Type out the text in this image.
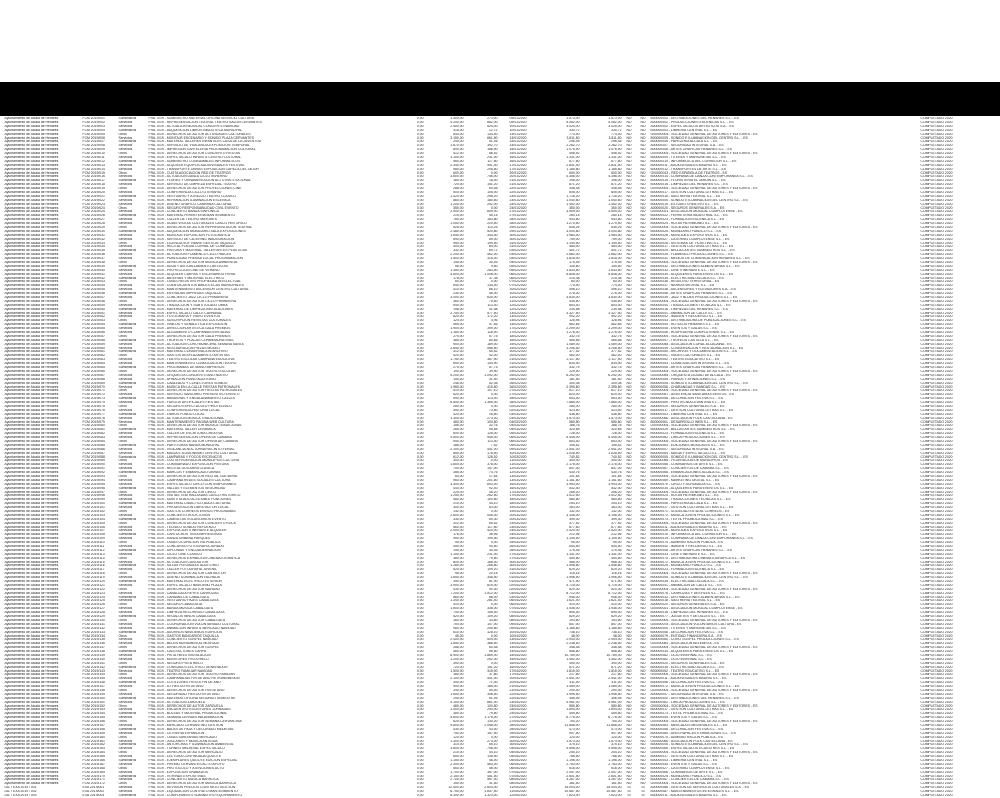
Ayuntamiento de Alcalá de Henares	FCM 2019/001	Suministros	FRA. 0/19 - SUMINISTRO MATERIAL OFICINA SERVICIO CULTURA	0,00	1.300,00	273,00	09/01/2020	1.573,00	1.573,00	NO	NO	B00000000 - DISTRIBUCIONES DEL HENARES S.L. - ES	COMPLETADO 2020
Ayuntamiento de Alcalá de Henares	FCM 2019/002	Servicios	FRA. 0/19 - REPRESENTACION TEATRAL TEATRO SALON CERVANTES	0,00	4.200,00	882,00	09/01/2020	5.082,00	5.082,00	NO	NO	B00000001 - PRODUCCIONES ESCENICAS S.L. - ES	COMPLETADO 2020
Ayuntamiento de Alcalá de Henares	FCM 2019/003	Servicios	FRA. 0/19 - ACTUACION MUSICAL CONCIERTO NAVIDAD	0,00	2.500,00	525,00	10/01/2020	3.025,00	3.025,00	NO	NO	A00000002 - ESPECTACULOS ARTISTICOS S.A. - ES	COMPLETADO 2020
Ayuntamiento de Alcalá de Henares	FCM 2019/004	Suministros	FRA. 0/19 - ADQUISICION LIBROS BIBLIOTECA MUNICIPAL	0,00	318,00	12,72	10/01/2020	330,72	330,72	NO	NO	B00000003 - LIBRERIA CENTRAL S.L. - ES	COMPLETADO 2020
Ayuntamiento de Alcalá de Henares	FCM 2019/005	Otros	FRA. 0/19 - DERECHOS DE AUTOR ACTIVIDADES CULTURALES	0,00	640,00	134,40	13/01/2020	774,40	774,40	NO	NO	G00000004 - SOCIEDAD GENERAL DE AUTORES Y EDITORES - ES	COMPLETADO 2020
Ayuntamiento de Alcalá de Henares	FCM 2019/006	Servicios	FRA. 0/19 - MONTAJE ESCENARIO Y SONIDO PLAZA CERVANTES	0,00	3.150,00	661,50	13/01/2020	3.811,50	3.811,50	NO	NO	B00000005 - SONIDO E ILUMINACION DEL CENTRO S.L. - ES	COMPLETADO 2020
Ayuntamiento de Alcalá de Henares	FCM 2019/007	Suministros	FRA. 0/19 - MATERIAL TALLERES INFANTILES CASA DE LA JUVENTUD	0,00	245,00	51,45	14/01/2020	296,45	296,45	NO	NO	B00000006 - PAPELERIA ALCALA S.L. - ES	COMPLETADO 2020
Ayuntamiento de Alcalá de Henares	FCM 2019/008	Servicios	FRA. 0/19 - SERVICIO DE VIGILANCIA EXPOSICION TEMPORAL	0,00	1.870,00	392,70	14/01/2020	2.262,70	2.262,70	NO	NO	A00000007 - SEGURIDAD INTEGRAL S.A. - ES	COMPLETADO 2020
Ayuntamiento de Alcalá de Henares	FCM 2019/009	Servicios	FRA. 0/19 - IMPRESION CARTELERIA PROGRAMACION CULTURAL	0,00	890,00	186,90	15/01/2020	1.076,90	1.076,90	NO	NO	B00000008 - ARTES GRAFICAS HENARES S.L. - ES	COMPLETADO 2020
Ayuntamiento de Alcalá de Henares	FCM 2019/010	Otros	FRA. 0/19 - DERECHOS DE AUTOR CONCIERTO FIESTAS	0,00	412,00	86,52	15/01/2020	498,52	498,52	NO	NO	G00000004 - SOCIEDAD GENERAL DE AUTORES Y EDITORES - ES	COMPLETADO 2020
Ayuntamiento de Alcalá de Henares	FCM 2019/011	Servicios	FRA. 0/19 - ESPECTACULO INFANTIL CENTRO CULTURAL	0,00	1.100,00	231,00	16/01/2020	1.331,00	1.331,00	NO	NO	B00000009 - TITERES Y MARIONETAS S.L. - ES	COMPLETADO 2020
Ayuntamiento de Alcalá de Henares	FCM 2019/012	Suministros	FRA. 0/19 - SUMINISTRO CONSUMIBLES INFORMATICOS	0,00	560,00	117,60	16/01/2020	677,60	677,60	NO	NO	B00000010 - INFORMATICA DEL CORREDOR S.L. - ES	COMPLETADO 2020
Ayuntamiento de Alcalá de Henares	FCM 2019/013	Servicios	FRA. 0/19 - ALQUILER EQUIPOS AUDIOVISUALES FESTIVAL	0,00	2.340,00	491,40	17/01/2020	2.831,40	2.831,40	NO	NO	B00000011 - AUDIOVISUALES MADRID S.L. - ES	COMPLETADO 2020
Ayuntamiento de Alcalá de Henares	FCM 2019/014	Servicios	FRA. 0/19 - TRANSPORTE OBRAS EXPOSICION CAPILLA DEL OIDOR	0,00	980,00	205,80	17/01/2020	1.185,80	1.185,80	NO	NO	B00000012 - TRANSPORTES DE ARTE S.L. - ES	COMPLETADO 2020
Ayuntamiento de Alcalá de Henares	FCM 2019/015	Otros	FRA. 0/19 - CUOTA ASOCIACION RED DE TEATROS	0,00	600,00	0,00	20/01/2020	600,00	600,00	NO	NO	G00000013 - RED ESPAÑOLA DE TEATROS - ES	COMPLETADO 2020
Ayuntamiento de Alcalá de Henares	FCM 2019/016	Servicios	FRA. 0/19 - ACTUACION DANZA CICLO INVIERNO	0,00	3.600,00	756,00	20/01/2020	4.356,00	4.356,00	NO	NO	B00000014 - COMPAÑIA DE DANZA CONTEMPORANEA S.L. - ES	COMPLETADO 2020
Ayuntamiento de Alcalá de Henares	FCM 2019/017	Suministros	FRA. 0/19 - FLORES Y ORNAMENTACION ACTO INSTITUCIONAL	0,00	180,00	18,00	21/01/2020	198,00	198,00	NO	NO	B00000015 - FLORISTERIA EL JARDIN S.L. - ES	COMPLETADO 2020
Ayuntamiento de Alcalá de Henares	FCM 2019/018	Servicios	FRA. 0/19 - SERVICIO DE LIMPIEZA ESPECIAL TEATRO	0,00	720,00	151,20	21/01/2020	871,20	871,20	NO	NO	B00000016 - LIMPIEZAS DEL HENARES S.L. - ES	COMPLETADO 2020
Ayuntamiento de Alcalá de Henares	FCM 2019/019	Otros	FRA. 0/19 - DERECHOS DE AUTOR PROYECCIONES CINE	0,00	288,00	60,48	22/01/2020	348,48	348,48	NO	NO	G00000004 - SOCIEDAD GENERAL DE AUTORES Y EDITORES - ES	COMPLETADO 2020
Ayuntamiento de Alcalá de Henares	FCM 2019/020	Servicios	FRA. 0/19 - CONFERENCIA CICLO LITERARIO	0,00	500,00	105,00	22/01/2020	605,00	605,00	NO	NO	B00000017 - GESTION CULTURAL LETRAS S.L. - ES	COMPLETADO 2020
Ayuntamiento de Alcalá de Henares	FCM 2019/021	Suministros	FRA. 0/19 - VESTUARIO Y ATREZZO TEATRO CLASICO	0,00	1.420,00	298,20	23/01/2020	1.718,20	1.718,20	NO	NO	B00000018 - SASTRERIA TEATRAL S.L. - ES	COMPLETADO 2020
Ayuntamiento de Alcalá de Henares	FCM 2019/022	Servicios	FRA. 0/19 - REPARACION ILUMINACION ESCENICA	0,00	860,00	180,60	23/01/2020	1.040,60	1.040,60	NO	NO	B00000005 - SONIDO E ILUMINACION DEL CENTRO S.L. - ES	COMPLETADO 2020
Ayuntamiento de Alcalá de Henares	FCM 2019/023	Servicios	FRA. 0/19 - DISEÑO GRAFICO CAMPAÑA CULTURAL	0,00	1.200,00	252,00	24/01/2020	1.452,00	1.452,00	NO	NO	B00000019 - ESTUDIO CREATIVO S.L. - ES	COMPLETADO 2020
Ayuntamiento de Alcalá de Henares	FCM 2019/024	Otros	FRA. 0/19 - SEGURO RESPONSABILIDAD CIVIL EVENTO	0,00	350,00	0,00	24/01/2020	350,00	350,00	NO	NO	A00000020 - SEGUROS GENERALES S.A. - ES	COMPLETADO 2020
Ayuntamiento de Alcalá de Henares	FCM 2019/025	Servicios	FRA. 0/19 - CONCIERTO BANDA SINFONICA	0,00	2.900,00	609,00	27/01/2020	3.509,00	3.509,00	NO	NO	G00000021 - ASOCIACION MUSICAL COMPLUTENSE - ES	COMPLETADO 2020
Ayuntamiento de Alcalá de Henares	FCM 2019/026	Suministros	FRA. 0/19 - MATERIAL FERRETERIA MANTENIMIENTO	0,00	215,00	45,15	27/01/2020	260,15	260,15	NO	NO	B00000022 - FERRETERIA INDUSTRIAL S.L. - ES	COMPLETADO 2020
Ayuntamiento de Alcalá de Henares	FCM 2019/027	Servicios	FRA. 0/19 - TALLER DE TEATRO MAYORES	0,00	780,00	163,80	28/01/2020	943,80	943,80	NO	NO	B00000023 - FORMACION ESCENICA S.L. - ES	COMPLETADO 2020
Ayuntamiento de Alcalá de Henares	FCM 2019/028	Servicios	FRA. 0/19 - GUIAS VISITAS CULTURALES CASCO HISTORICO	0,00	1.050,00	220,50	28/01/2020	1.270,50	1.270,50	NO	NO	B00000024 - RUTAS PATRIMONIO S.L. - ES	COMPLETADO 2020
Ayuntamiento de Alcalá de Henares	FCM 2019/029	Otros	FRA. 0/19 - DERECHOS DE AUTOR REPRESENTACION TEATRAL	0,00	525,00	110,25	29/01/2020	635,25	635,25	NO	NO	G00000004 - SOCIEDAD GENERAL DE AUTORES Y EDITORES - ES	COMPLETADO 2020
Ayuntamiento de Alcalá de Henares	FCM 2019/030	Suministros	FRA. 0/19 - ADQUISICION MOBILIARIO SALA EXPOSICIONES	0,00	2.480,00	520,80	29/01/2020	3.000,80	3.000,80	NO	NO	B00000025 - MOBILIARIO PUBLICO S.L. - ES	COMPLETADO 2020
Ayuntamiento de Alcalá de Henares	FCM 2019/031	Servicios	FRA. 0/19 - MONTAJE EXPOSICION FOTOGRAFICA	0,00	1.640,00	344,40	30/01/2020	1.984,40	1.984,40	NO	NO	B00000026 - MONTAJES EXPOSITIVOS S.L. - ES	COMPLETADO 2020
Ayuntamiento de Alcalá de Henares	FCM 2019/032	Servicios	FRA. 0/19 - SERVICIO DE CATERING INAUGURACION	0,00	690,00	69,00	30/01/2020	759,00	759,00	NO	NO	B00000027 - CATERING COMPLUTENSE S.L. - ES	COMPLETADO 2020
Ayuntamiento de Alcalá de Henares	FCM 2019/033	Otros	FRA. 0/19 - LICENCIA SOFTWARE GESTION TAQUILLA	0,00	950,00	199,50	31/01/2020	1.149,50	1.149,50	NO	NO	B00000028 - SISTEMAS DE TICKETING S.L. - ES	COMPLETADO 2020
Ayuntamiento de Alcalá de Henares	FCM 2019/034	Servicios	FRA. 0/19 - RECITAL POESIA CORRAL DE COMEDIAS	0,00	400,00	84,00	31/01/2020	484,00	484,00	NO	NO	B00000017 - GESTION CULTURAL LETRAS S.L. - ES	COMPLETADO 2020
Ayuntamiento de Alcalá de Henares	FCM 2019/035	Suministros	FRA. 0/19 - PINTURA Y MATERIAL TALLER ARTES PLASTICAS	0,00	332,00	69,72	03/02/2020	401,72	401,72	NO	NO	B00000029 - BELLAS ARTES SUMINISTROS S.L. - ES	COMPLETADO 2020
Ayuntamiento de Alcalá de Henares	FCM 2019/036	Servicios	FRA. 0/19 - ACTUACION FLAMENCO CICLO RAICES	0,00	2.200,00	462,00	03/02/2020	2.662,00	2.662,00	NO	NO	B00000030 - FLAMENCO PRODUCCIONES S.L. - ES	COMPLETADO 2020
Ayuntamiento de Alcalá de Henares	FCM 2019/037	Servicios	FRA. 0/19 - PUBLICIDAD PRENSA LOCAL PROGRAMACION	0,00	1.500,00	315,00	04/02/2020	1.815,00	1.815,00	NO	NO	B00000031 - MEDIOS DE COMUNICACION HENARES S.L. - ES	COMPLETADO 2020
Ayuntamiento de Alcalá de Henares	FCM 2019/038	Otros	FRA. 0/19 - DERECHOS DE AUTOR MUSICA AMBIENTAL	0,00	145,00	30,45	04/02/2020	175,45	175,45	NO	NO	G00000004 - SOCIEDAD GENERAL DE AUTORES Y EDITORES - ES	COMPLETADO 2020
Ayuntamiento de Alcalá de Henares	FCM 2019/039	Suministros	FRA. 0/19 - AGUA Y AVITUALLAMIENTO ARTISTAS	0,00	96,00	9,60	05/02/2020	105,60	105,60	NO	NO	B00000032 - DISTRIBUCIONES ALIMENTARIAS S.L. - ES	COMPLETADO 2020
Ayuntamiento de Alcalá de Henares	FCM 2019/040	Servicios	FRA. 0/19 - PROYECCION CINE DE VERANO	0,00	1.350,00	283,50	05/02/2020	1.633,50	1.633,50	NO	NO	B00000033 - CINE ITINERANTE S.L. - ES	COMPLETADO 2020
Ayuntamiento de Alcalá de Henares	FCM 2019/041	Servicios	FRA. 0/19 - ALQUILER CARPAS Y ESCENARIOS FERIA	0,00	4.800,00	1.008,00	06/02/2020	5.808,00	5.808,00	NO	NO	B00000034 - ALQUILERES PARA EVENTOS S.L. - ES	COMPLETADO 2020
Ayuntamiento de Alcalá de Henares	FCM 2019/042	Suministros	FRA. 0/19 - BATERIAS Y MATERIAL ELECTRICO	0,00	178,00	37,38	06/02/2020	215,38	215,38	NO	NO	B00000035 - ELECTRICIDAD ALCALA S.L. - ES	COMPLETADO 2020
Ayuntamiento de Alcalá de Henares	FCM 2019/043	Otros	FRA. 0/19 - TASAS REGISTRO PROPIEDAD INTELECTUAL	0,00	60,00	0,00	07/02/2020	60,00	60,00	NO	NO	S00000036 - REGISTRO TERRITORIAL - ES	COMPLETADO 2020
Ayuntamiento de Alcalá de Henares	FCM 2019/044	Servicios	FRA. 0/19 - CUENTACUENTOS BIBLIOTECAS MUNICIPALES	0,00	640,00	134,40	07/02/2020	774,40	774,40	NO	NO	B00000037 - NARRATIVA ORAL S.L. - ES	COMPLETADO 2020
Ayuntamiento de Alcalá de Henares	FCM 2019/045	Servicios	FRA. 0/19 - MANTENIMIENTO ASCENSOR CENTRO CULTURAL	0,00	410,00	86,10	10/02/2020	496,10	496,10	NO	NO	A00000038 - ASCENSORES Y ELEVADORES S.A. - ES	COMPLETADO 2020
Ayuntamiento de Alcalá de Henares	FCM 2019/046	Suministros	FRA. 0/19 - ENTRADAS IMPRESAS TAQUILLA	0,00	230,00	48,30	10/02/2020	278,30	278,30	NO	NO	B00000008 - ARTES GRAFICAS HENARES S.L. - ES	COMPLETADO 2020
Ayuntamiento de Alcalá de Henares	FCM 2019/047	Servicios	FRA. 0/19 - CONCIERTO JAZZ CICLO PRIMAVERA	0,00	3.000,00	630,00	11/02/2020	3.630,00	3.630,00	NO	NO	B00000039 - JAZZ Y BLUES PRODUCCIONES S.L. - ES	COMPLETADO 2020
Ayuntamiento de Alcalá de Henares	FCM 2019/048	Otros	FRA. 0/19 - DERECHOS DE AUTOR CICLO PRIMAVERA	0,00	360,00	75,60	11/02/2020	435,60	435,60	NO	NO	G00000004 - SOCIEDAD GENERAL DE AUTORES Y EDITORES - ES	COMPLETADO 2020
Ayuntamiento de Alcalá de Henares	FCM 2019/049	Servicios	FRA. 0/19 - TRADUCCION Y SUBTITULADO OBRA	0,00	540,00	113,40	12/02/2020	653,40	653,40	NO	NO	B00000040 - TRADUCCIONES TECNICAS S.L. - ES	COMPLETADO 2020
Ayuntamiento de Alcalá de Henares	FCM 2019/050	Suministros	FRA. 0/19 - MATERIAL DE LIMPIEZA INSTALACIONES	0,00	198,00	41,58	12/02/2020	239,58	239,58	NO	NO	B00000016 - LIMPIEZAS DEL HENARES S.L. - ES	COMPLETADO 2020
Ayuntamiento de Alcalá de Henares	FCM 2019/051	Servicios	FRA. 0/19 - ESPECTACULO CALLE CARNAVAL	0,00	2.750,00	577,50	13/02/2020	3.327,50	3.327,50	NO	NO	B00000041 - ANIMACION DE CALLE S.L. - ES	COMPLETADO 2020
Ayuntamiento de Alcalá de Henares	FCM 2019/052	Servicios	FRA. 0/19 - FOTOGRAFIA Y VIDEO EVENTOS	0,00	820,00	172,20	13/02/2020	992,20	992,20	NO	NO	B00000042 - IMAGEN Y RECUERDO S.L. - ES	COMPLETADO 2020
Ayuntamiento de Alcalá de Henares	FCM 2019/053	Otros	FRA. 0/19 - SUSCRIPCION REVISTAS CULTURALES	0,00	124,00	4,96	14/02/2020	128,96	128,96	NO	NO	B00000043 - DISTRIBUIDORA DE PUBLICACIONES S.L. - ES	COMPLETADO 2020
Ayuntamiento de Alcalá de Henares	FCM 2019/054	Suministros	FRA. 0/19 - VINILOS Y SEÑALETICA EXPOSICION	0,00	465,00	97,65	14/02/2020	562,65	562,65	NO	NO	B00000044 - ROTULOS HENARES S.L. - ES	COMPLETADO 2020
Ayuntamiento de Alcalá de Henares	FCM 2019/055	Servicios	FRA. 0/19 - DIRECCION ARTISTICA GALA PREMIOS	0,00	1.900,00	399,00	17/02/2020	2.299,00	2.299,00	NO	NO	B00000045 - EVENTOS Y GALAS S.L. - ES	COMPLETADO 2020
Ayuntamiento de Alcalá de Henares	FCM 2019/056	Servicios	FRA. 0/19 - ALOJAMIENTO COMPAÑIAS INVITADAS	0,00	1.160,00	116,00	17/02/2020	1.276,00	1.276,00	NO	NO	B00000046 - HOSPEDERIA COMPLUTENSE S.L. - ES	COMPLETADO 2020
Ayuntamiento de Alcalá de Henares	FCM 2019/057	Otros	FRA. 0/19 - DERECHOS DE AUTOR GALA PREMIOS	0,00	275,00	57,75	18/02/2020	332,75	332,75	NO	NO	G00000004 - SOCIEDAD GENERAL DE AUTORES Y EDITORES - ES	COMPLETADO 2020
Ayuntamiento de Alcalá de Henares	FCM 2019/058	Suministros	FRA. 0/19 - TROFEOS Y PLACAS CONMEMORATIVAS	0,00	385,00	80,85	18/02/2020	465,85	465,85	NO	NO	B00000047 - TROFEOS CASTILLA S.L. - ES	COMPLETADO 2020
Ayuntamiento de Alcalá de Henares	FCM 2019/059	Servicios	FRA. 0/19 - ACTUACION CORO MUNICIPAL SEMANA SANTA	0,00	900,00	189,00	19/02/2020	1.089,00	1.089,00	NO	NO	G00000048 - ASOCIACION CORAL ALCALAINA - ES	COMPLETADO 2020
Ayuntamiento de Alcalá de Henares	FCM 2019/060	Servicios	FRA. 0/19 - RESTAURACION PIEZAS MUSEO	0,00	2.650,00	556,50	19/02/2020	3.206,50	3.206,50	NO	NO	B00000049 - CONSERVACION Y RESTAURACION S.L. - ES	COMPLETADO 2020
Ayuntamiento de Alcalá de Henares	FCM 2019/061	Suministros	FRA. 0/19 - MATERIAL CONSERVACION ARCHIVO	0,00	312,00	65,52	20/02/2020	377,52	377,52	NO	NO	B00000050 - ARCHIVOS Y DOCUMENTACION S.L. - ES	COMPLETADO 2020
Ayuntamiento de Alcalá de Henares	FCM 2019/062	Otros	FRA. 0/19 - GASTOS DESPLAZAMIENTO ARTISTAS	0,00	420,00	42,00	20/02/2020	462,00	462,00	NO	NO	B00000051 - VIAJES CULTURALES S.L. - ES	COMPLETADO 2020
Ayuntamiento de Alcalá de Henares	FCM 2019/063	Servicios	FRA. 0/19 - TEATRO ESCOLAR CAMPAÑA EDUCATIVA	0,00	1.750,00	367,50	21/02/2020	2.117,50	2.117,50	NO	NO	B00000052 - TEATRO EDUCATIVO S.L. - ES	COMPLETADO 2020
Ayuntamiento de Alcalá de Henares	FCM 2019/064	Servicios	FRA. 0/19 - MANTENIMIENTO CLIMATIZACION TEATRO	0,00	690,00	144,90	21/02/2020	834,90	834,90	NO	NO	B00000053 - CLIMATIZACION INTEGRAL S.L. - ES	COMPLETADO 2020
Ayuntamiento de Alcalá de Henares	FCM 2019/065	Suministros	FRA. 0/19 - PROGRAMAS DE MANO IMPRESOS	0,00	275,00	57,75	24/02/2020	332,75	332,75	NO	NO	B00000008 - ARTES GRAFICAS HENARES S.L. - ES	COMPLETADO 2020
Ayuntamiento de Alcalá de Henares	FCM 2019/066	Otros	FRA. 0/19 - DERECHOS DE AUTOR TEATRO ESCOLAR	0,00	190,00	39,90	24/02/2020	229,90	229,90	NO	NO	G00000004 - SOCIEDAD GENERAL DE AUTORES Y EDITORES - ES	COMPLETADO 2020
Ayuntamiento de Alcalá de Henares	FCM 2019/067	Servicios	FRA. 0/19 - ORQUESTA CONCIERTO AÑO NUEVO	0,00	5.200,00	1.092,00	25/02/2020	6.292,00	6.292,00	NO	NO	G00000054 - ORQUESTA CIUDAD DE ALCALA - ES	COMPLETADO 2020
Ayuntamiento de Alcalá de Henares	FCM 2019/068	Servicios	FRA. 0/19 - AFINACION PIANO AUDITORIO	0,00	150,00	31,50	25/02/2020	181,50	181,50	NO	NO	B00000055 - PIANOS Y AFINACIONES S.L. - ES	COMPLETADO 2020
Ayuntamiento de Alcalá de Henares	FCM 2019/069	Suministros	FRA. 0/19 - CABLEADO Y CONECTORES SONIDO	0,00	248,00	52,08	26/02/2020	300,08	300,08	NO	NO	B00000005 - SONIDO E ILUMINACION DEL CENTRO S.L. - ES	COMPLETADO 2020
Ayuntamiento de Alcalá de Henares	FCM 2019/070	Servicios	FRA. 0/19 - MUSICA EN LA CALLE FIESTAS PATRONALES	0,00	1.980,00	415,80	26/02/2020	2.395,80	2.395,80	NO	NO	B00000056 - CHARANGAS Y BANDAS S.L. - ES	COMPLETADO 2020
Ayuntamiento de Alcalá de Henares	FCM 2019/071	Otros	FRA. 0/19 - DERECHOS DE AUTOR FIESTAS PATRONALES	0,00	510,00	107,10	27/02/2020	617,10	617,10	NO	NO	G00000004 - SOCIEDAD GENERAL DE AUTORES Y EDITORES - ES	COMPLETADO 2020
Ayuntamiento de Alcalá de Henares	FCM 2019/072	Servicios	FRA. 0/19 - SERVICIO SANITARIO PREVENTIVO EVENTO	0,00	620,00	0,00	27/02/2020	620,00	620,00	NO	NO	G00000057 - ASISTENCIA SANITARIA EVENTOS - ES	COMPLETADO 2020
Ayuntamiento de Alcalá de Henares	FCM 2019/073	Suministros	FRA. 0/19 - BANDERAS Y ENGALANAMIENTO CALLES	0,00	540,00	113,40	28/02/2020	653,40	653,40	NO	NO	B00000058 - DECORACION FESTIVA S.L. - ES	COMPLETADO 2020
Ayuntamiento de Alcalá de Henares	FCM 2019/074	Servicios	FRA. 0/19 - FUEGOS ARTIFICIALES FIESTAS	0,00	6.500,00	1.365,00	28/02/2020	7.865,00	7.865,00	NO	NO	B00000059 - PIROTECNIA LEVANTINA S.L. - ES	COMPLETADO 2020
Ayuntamiento de Alcalá de Henares	FCM 2019/075	Otros	FRA. 0/19 - SEGURO ESPECTACULO PIROTECNICO	0,00	280,00	0,00	02/03/2020	280,00	280,00	NO	NO	A00000020 - SEGUROS GENERALES S.A. - ES	COMPLETADO 2020
Ayuntamiento de Alcalá de Henares	FCM 2019/076	Servicios	FRA. 0/19 - CONFERENCIA HISTORIA LOCAL	0,00	350,00	73,50	02/03/2020	423,50	423,50	NO	NO	B00000017 - GESTION CULTURAL LETRAS S.L. - ES	COMPLETADO 2020
Ayuntamiento de Alcalá de Henares	FCM 2019/077	Suministros	FRA. 0/19 - LIBROS FONDO LOCAL	0,00	420,00	16,80	03/03/2020	436,80	436,80	NO	NO	B00000003 - LIBRERIA CENTRAL S.L. - ES	COMPLETADO 2020
Ayuntamiento de Alcalá de Henares	FCM 2019/078	Servicios	FRA. 0/19 - ACTUACION MUSICA TRADICIONAL	0,00	1.300,00	273,00	03/03/2020	1.573,00	1.573,00	NO	NO	G00000060 - ASOCIACION FOLK CASTELLANA - ES	COMPLETADO 2020
Ayuntamiento de Alcalá de Henares	FCM 2019/079	Servicios	FRA. 0/19 - MANTENIMIENTO PAGINA WEB CULTURA	0,00	480,00	100,80	04/03/2020	580,80	580,80	NO	NO	B00000061 - DESARROLLO WEB S.L. - ES	COMPLETADO 2020
Ayuntamiento de Alcalá de Henares	FCM 2019/080	Otros	FRA. 0/19 - DERECHOS DE AUTOR MUSICA TRADICIONAL	0,00	156,00	32,76	04/03/2020	188,76	188,76	NO	NO	G00000004 - SOCIEDAD GENERAL DE AUTORES Y EDITORES - ES	COMPLETADO 2020
Ayuntamiento de Alcalá de Henares	FCM 2019/081	Suministros	FRA. 0/19 - MATERIAL TALLER CERAMICA	0,00	265,00	55,65	05/03/2020	320,65	320,65	NO	NO	B00000029 - BELLAS ARTES SUMINISTROS S.L. - ES	COMPLETADO 2020
Ayuntamiento de Alcalá de Henares	FCM 2019/082	Servicios	FRA. 0/19 - TALLER DE ESCRITURA CREATIVA	0,00	600,00	126,00	05/03/2020	726,00	726,00	NO	NO	B00000023 - FORMACION ESCENICA S.L. - ES	COMPLETADO 2020
Ayuntamiento de Alcalá de Henares	FCM 2019/083	Servicios	FRA. 0/19 - REPRESENTACION OPERA DE CAMARA	0,00	4.500,00	945,00	06/03/2020	5.445,00	5.445,00	NO	NO	B00000062 - LIRICA PRODUCCIONES S.L. - ES	COMPLETADO 2020
Ayuntamiento de Alcalá de Henares	FCM 2019/084	Otros	FRA. 0/19 - DERECHOS DE AUTOR OPERA DE CAMARA	0,00	540,00	113,40	06/03/2020	653,40	653,40	NO	NO	G00000004 - SOCIEDAD GENERAL DE AUTORES Y EDITORES - ES	COMPLETADO 2020
Ayuntamiento de Alcalá de Henares	FCM 2019/085	Suministros	FRA. 0/19 - PARTITURAS BANDA MUNICIPAL	0,00	188,00	7,52	09/03/2020	195,52	195,52	NO	NO	B00000063 - EDICIONES MUSICALES S.L. - ES	COMPLETADO 2020
Ayuntamiento de Alcalá de Henares	FCM 2019/086	Servicios	FRA. 0/19 - VIGILANCIA NOCTURNA RECINTO FERIAL	0,00	2.100,00	441,00	09/03/2020	2.541,00	2.541,00	NO	NO	A00000007 - SEGURIDAD INTEGRAL S.A. - ES	COMPLETADO 2020
Ayuntamiento de Alcalá de Henares	FCM 2019/087	Servicios	FRA. 0/19 - MAGIA E ILUSIONISMO CENTRO CULTURAL	0,00	850,00	178,50	10/03/2020	1.028,50	1.028,50	NO	NO	B00000064 - MAGIA Y ESPECTACULO S.L. - ES	COMPLETADO 2020
Ayuntamiento de Alcalá de Henares	FCM 2019/088	Suministros	FRA. 0/19 - LAMPARAS Y FOCOS ESCENICOS	0,00	612,00	128,52	10/03/2020	740,52	740,52	NO	NO	B00000005 - SONIDO E ILUMINACION DEL CENTRO S.L. - ES	COMPLETADO 2020
Ayuntamiento de Alcalá de Henares	FCM 2019/089	Otros	FRA. 0/19 - CUOTA FEDERACION MUNICIPIOS CULTURA	0,00	300,00	0,00	11/03/2020	300,00	300,00	NO	NO	G00000065 - FEDERACION DE MUNICIPIOS - ES	COMPLETADO 2020
Ayuntamiento de Alcalá de Henares	FCM 2019/090	Servicios	FRA. 0/19 - COMISARIADO EXPOSICION PINTURA	0,00	1.800,00	378,00	11/03/2020	2.178,00	2.178,00	NO	NO	B00000066 - COMISARIOS DE ARTE S.L. - ES	COMPLETADO 2020
Ayuntamiento de Alcalá de Henares	FCM 2019/091	Servicios	FRA. 0/19 - RECITAL GUITARRA CLASICA	0,00	700,00	147,00	12/03/2020	847,00	847,00	NO	NO	B00000067 - CONCIERTOS DE CAMARA S.L. - ES	COMPLETADO 2020
Ayuntamiento de Alcalá de Henares	FCM 2019/092	Suministros	FRA. 0/19 - MARCOS Y ENMARCADO OBRAS	0,00	356,00	74,76	12/03/2020	430,76	430,76	NO	NO	B00000068 - ENMARCACIONES ALCALA S.L. - ES	COMPLETADO 2020
Ayuntamiento de Alcalá de Henares	FCM 2019/093	Otros	FRA. 0/19 - DERECHOS DE AUTOR RECITAL GUITARRA	0,00	84,00	17,64	13/03/2020	101,64	101,64	NO	NO	G00000004 - SOCIEDAD GENERAL DE AUTORES Y EDITORES - ES	COMPLETADO 2020
Ayuntamiento de Alcalá de Henares	FCM 2019/094	Servicios	FRA. 0/19 - CAMPAÑA REDES SOCIALES CULTURA	0,00	960,00	201,60	13/03/2020	1.161,60	1.161,60	NO	NO	B00000069 - MARKETING DIGITAL S.L. - ES	COMPLETADO 2020
Ayuntamiento de Alcalá de Henares	FCM 2019/095	Servicios	FRA. 0/19 - ESPECTACULO CIRCO CONTEMPORANEO	0,00	3.300,00	693,00	16/03/2020	3.993,00	3.993,00	NO	NO	B00000070 - CIRCO Y ACROBACIA S.L. - ES	COMPLETADO 2020
Ayuntamiento de Alcalá de Henares	FCM 2019/096	Suministros	FRA. 0/19 - VALLAS Y ELEMENTOS SEGURIDAD	0,00	440,00	92,40	16/03/2020	532,40	532,40	NO	NO	B00000034 - ALQUILERES PARA EVENTOS S.L. - ES	COMPLETADO 2020
Ayuntamiento de Alcalá de Henares	FCM 2019/097	Otros	FRA. 0/19 - DERECHOS DE AUTOR CIRCO	0,00	220,00	46,20	17/03/2020	266,20	266,20	NO	NO	G00000004 - SOCIEDAD GENERAL DE AUTORES Y EDITORES - ES	COMPLETADO 2020
Ayuntamiento de Alcalá de Henares	FCM 2019/098	Servicios	FRA. 0/19 - VISITAS TEATRALIZADAS CASCO HISTORICO	0,00	1.250,00	262,50	17/03/2020	1.512,50	1.512,50	NO	NO	B00000024 - RUTAS PATRIMONIO S.L. - ES	COMPLETADO 2020
Ayuntamiento de Alcalá de Henares	FCM 2019/099	Servicios	FRA. 0/19 - SUBTITULADO ACCESIBLE FUNCIONES	0,00	480,00	100,80	18/03/2020	580,80	580,80	NO	NO	B00000040 - TRADUCCIONES TECNICAS S.L. - ES	COMPLETADO 2020
Ayuntamiento de Alcalá de Henares	FCM 2019/100	Suministros	FRA. 0/19 - MATERIAL DIDACTICO AULA CULTURAL	0,00	210,00	44,10	18/03/2020	254,10	254,10	NO	NO	B00000006 - PAPELERIA ALCALA S.L. - ES	COMPLETADO 2020
Ayuntamiento de Alcalá de Henares	FCM 2019/101	Servicios	FRA. 0/19 - PRESENTACION LIBRO AUTOR LOCAL	0,00	300,00	63,00	19/03/2020	363,00	363,00	NO	NO	B00000017 - GESTION CULTURAL LETRAS S.L. - ES	COMPLETADO 2020
Ayuntamiento de Alcalá de Henares	FCM 2019/102	Otros	FRA. 0/19 - GASTOS CORREOS ENVIOS PROGRAMAS	0,00	132,00	0,00	19/03/2020	132,00	132,00	NO	NO	A00000071 - SOCIEDAD ESTATAL CORREOS - ES	COMPLETADO 2020
Ayuntamiento de Alcalá de Henares	FCM 2019/103	Servicios	FRA. 0/19 - CONCIERTO ROCK JOVEN	0,00	2.600,00	546,00	20/03/2020	3.146,00	3.146,00	NO	NO	B00000072 - MUSICA JOVEN PRODUCCIONES S.L. - ES	COMPLETADO 2020
Ayuntamiento de Alcalá de Henares	FCM 2019/104	Suministros	FRA. 0/19 - CAMISETAS VOLUNTARIOS EVENTO	0,00	330,00	69,30	20/03/2020	399,30	399,30	NO	NO	B00000073 - TEXTIL PROMOCIONAL S.L. - ES	COMPLETADO 2020
Ayuntamiento de Alcalá de Henares	FCM 2019/105	Otros	FRA. 0/19 - DERECHOS DE AUTOR CONCIERTO ROCK	0,00	312,00	65,52	23/03/2020	377,52	377,52	NO	NO	G00000004 - SOCIEDAD GENERAL DE AUTORES Y EDITORES - ES	COMPLETADO 2020
Ayuntamiento de Alcalá de Henares	FCM 2019/106	Servicios	FRA. 0/19 - TECNICO SONIDO REFUERZO	0,00	560,00	117,60	23/03/2020	677,60	677,60	NO	NO	B00000011 - AUDIOVISUALES MADRID S.L. - ES	COMPLETADO 2020
Ayuntamiento de Alcalá de Henares	FCM 2019/107	Servicios	FRA. 0/19 - EXPOSICION ITINERANTE ALQUILER	0,00	2.000,00	420,00	24/03/2020	2.420,00	2.420,00	NO	NO	B00000026 - MONTAJES EXPOSITIVOS S.L. - ES	COMPLETADO 2020
Ayuntamiento de Alcalá de Henares	FCM 2019/108	Suministros	FRA. 0/19 - CARTUCHOS TINTA IMPRESORAS	0,00	176,00	36,96	24/03/2020	212,96	212,96	NO	NO	B00000010 - INFORMATICA DEL CORREDOR S.L. - ES	COMPLETADO 2020
Ayuntamiento de Alcalá de Henares	FCM 2019/109	Servicios	FRA. 0/19 - DANZA URBANA PARQUES	0,00	950,00	199,50	25/03/2020	1.149,50	1.149,50	NO	NO	B00000014 - COMPAÑIA DE DANZA CONTEMPORANEA S.L. - ES	COMPLETADO 2020
Ayuntamiento de Alcalá de Henares	FCM 2019/110	Otros	FRA. 0/19 - TASAS OCUPACION VIA PUBLICA	0,00	95,00	0,00	25/03/2020	95,00	95,00	NO	NO	P00000074 - ADMINISTRACION PUBLICA - ES	COMPLETADO 2020
Ayuntamiento de Alcalá de Henares	FCM 2019/111	Servicios	FRA. 0/19 - CONCURSO FOTOGRAFIA JURADO	0,00	450,00	94,50	26/03/2020	544,50	544,50	NO	NO	B00000042 - IMAGEN Y RECUERDO S.L. - ES	COMPLETADO 2020
Ayuntamiento de Alcalá de Henares	FCM 2019/112	Suministros	FRA. 0/19 - DIPLOMAS Y ENCUADERNACION	0,00	145,00	30,45	26/03/2020	175,45	175,45	NO	NO	B00000008 - ARTES GRAFICAS HENARES S.L. - ES	COMPLETADO 2020
Ayuntamiento de Alcalá de Henares	FCM 2019/113	Servicios	FRA. 0/19 - CICLO CINE CLASICO	0,00	1.100,00	231,00	27/03/2020	1.331,00	1.331,00	NO	NO	B00000033 - CINE ITINERANTE S.L. - ES	COMPLETADO 2020
Ayuntamiento de Alcalá de Henares	FCM 2019/114	Otros	FRA. 0/19 - DERECHOS EXHIBICION CINEMATOGRAFICA	0,00	380,00	79,80	27/03/2020	459,80	459,80	NO	NO	B00000075 - DISTRIBUIDORA CINEMATOGRAFICA S.L. - ES	COMPLETADO 2020
Ayuntamiento de Alcalá de Henares	FCM 2019/115	Servicios	FRA. 0/19 - ACTUACION CANTAUTOR	0,00	800,00	168,00	30/03/2020	968,00	968,00	NO	NO	B00000072 - MUSICA JOVEN PRODUCCIONES S.L. - ES	COMPLETADO 2020
Ayuntamiento de Alcalá de Henares	FCM 2019/116	Suministros	FRA. 0/19 - SILLAS PLEGABLES AUDITORIO	0,00	1.280,00	268,80	30/03/2020	1.548,80	1.548,80	NO	NO	B00000025 - MOBILIARIO PUBLICO S.L. - ES	COMPLETADO 2020
Ayuntamiento de Alcalá de Henares	FCM 2019/117	Servicios	FRA. 0/19 - TALLER FOTOGRAFIA JUVENIL	0,00	520,00	109,20	31/03/2020	629,20	629,20	NO	NO	B00000023 - FORMACION ESCENICA S.L. - ES	COMPLETADO 2020
Ayuntamiento de Alcalá de Henares	FCM 2019/118	Otros	FRA. 0/19 - DERECHOS DE AUTOR CANTAUTOR	0,00	96,00	20,16	31/03/2020	116,16	116,16	NO	NO	G00000004 - SOCIEDAD GENERAL DE AUTORES Y EDITORES - ES	COMPLETADO 2020
Ayuntamiento de Alcalá de Henares	FCM 2019/119	Servicios	FRA. 0/19 - DISEÑO ILUMINACION FACHADA	0,00	1.650,00	346,50	01/04/2020	1.996,50	1.996,50	NO	NO	B00000005 - SONIDO E ILUMINACION DEL CENTRO S.L. - ES	COMPLETADO 2020
Ayuntamiento de Alcalá de Henares	FCM 2019/120	Suministros	FRA. 0/19 - MATERIAL ELECTRICO EXTERIOR	0,00	390,00	81,90	01/04/2020	471,90	471,90	NO	NO	B00000035 - ELECTRICIDAD ALCALA S.L. - ES	COMPLETADO 2020
Ayuntamiento de Alcalá de Henares	FCM 2019/121	Servicios	FRA. 0/19 - ESPECTACULO NAVIDEÑO PLAZA	0,00	3.900,00	819,00	02/04/2020	4.719,00	4.719,00	NO	NO	B00000041 - ANIMACION DE CALLE S.L. - ES	COMPLETADO 2020
Ayuntamiento de Alcalá de Henares	FCM 2019/122	Otros	FRA. 0/19 - DERECHOS DE AUTOR NAVIDAD	0,00	430,00	90,30	02/04/2020	520,30	520,30	NO	NO	G00000004 - SOCIEDAD GENERAL DE AUTORES Y EDITORES - ES	COMPLETADO 2020
Ayuntamiento de Alcalá de Henares	FCM 2019/123	Servicios	FRA. 0/19 - CABALGATA REYES CARROZAS	0,00	7.200,00	1.512,00	03/04/2020	8.712,00	8.712,00	NO	NO	B00000076 - CARROZAS Y DESFILES S.L. - ES	COMPLETADO 2020
Ayuntamiento de Alcalá de Henares	FCM 2019/124	Suministros	FRA. 0/19 - CARAMELOS CABALGATA	0,00	860,00	86,00	03/04/2020	946,00	946,00	NO	NO	B00000032 - DISTRIBUCIONES ALIMENTARIAS S.L. - ES	COMPLETADO 2020
Ayuntamiento de Alcalá de Henares	FCM 2019/125	Servicios	FRA. 0/19 - VESTUARIO PAJES CABALGATA	0,00	1.340,00	281,40	06/04/2020	1.621,40	1.621,40	NO	NO	B00000018 - SASTRERIA TEATRAL S.L. - ES	COMPLETADO 2020
Ayuntamiento de Alcalá de Henares	FCM 2019/126	Otros	FRA. 0/19 - SEGURO CABALGATA	0,00	410,00	0,00	06/04/2020	410,00	410,00	NO	NO	A00000020 - SEGUROS GENERALES S.A. - ES	COMPLETADO 2020
Ayuntamiento de Alcalá de Henares	FCM 2019/127	Servicios	FRA. 0/19 - BANDA MUSICA CABALGATA	0,00	1.600,00	336,00	07/04/2020	1.936,00	1.936,00	NO	NO	G00000021 - ASOCIACION MUSICAL COMPLUTENSE - ES	COMPLETADO 2020
Ayuntamiento de Alcalá de Henares	FCM 2019/128	Servicios	FRA. 0/19 - LIMPIEZA RECORRIDO CABALGATA	0,00	740,00	155,40	07/04/2020	895,40	895,40	NO	NO	B00000016 - LIMPIEZAS DEL HENARES S.L. - ES	COMPLETADO 2020
Ayuntamiento de Alcalá de Henares	FCM 2019/129	Suministros	FRA. 0/19 - REGALOS NIÑOS CABALGATA	0,00	520,00	109,20	08/04/2020	629,20	629,20	NO	NO	B00000077 - JUGUETES Y DETALLES S.L. - ES	COMPLETADO 2020
Ayuntamiento de Alcalá de Henares	FCM 2019/130	Otros	FRA. 0/19 - DERECHOS DE AUTOR CABALGATA	0,00	160,00	33,60	08/04/2020	193,60	193,60	NO	NO	G00000004 - SOCIEDAD GENERAL DE AUTORES Y EDITORES - ES	COMPLETADO 2020
Ayuntamiento de Alcalá de Henares	FCM 2019/131	Servicios	FRA. 0/19 - COORDINACION VOLUNTARIADO CULTURAL	0,00	700,00	147,00	09/04/2020	847,00	847,00	NO	NO	G00000078 - ASOCIACION VOLUNTARIOS CULTURA - ES	COMPLETADO 2020
Ayuntamiento de Alcalá de Henares	FCM 2019/132	Servicios	FRA. 0/19 - ANIMACION INFANTIL MERCADO NAVIDAD	0,00	980,00	205,80	09/04/2020	1.185,80	1.185,80	NO	NO	B00000009 - TITERES Y MARIONETAS S.L. - ES	COMPLETADO 2020
Ayuntamiento de Alcalá de Henares	FCM 2019/133	Suministros	FRA. 0/19 - ADORNOS NAVIDEÑOS EDIFICIOS	0,00	610,00	128,10	10/04/2020	738,10	738,10	NO	NO	B00000058 - DECORACION FESTIVA S.L. - ES	COMPLETADO 2020
Ayuntamiento de Alcalá de Henares	FCM 2019/134	Otros	FRA. 0/19 - GASTOS BANCARIOS TAQUILLA	0,00	48,00	0,00	10/04/2020	48,00	48,00	NO	NO	A00000079 - ENTIDAD FINANCIERA S.A. - ES	COMPLETADO 2020
Ayuntamiento de Alcalá de Henares	FCM 2019/135	Servicios	FRA. 0/19 - CONCIERTO GOSPEL NAVIDAD	0,00	2.400,00	504,00	13/04/2020	2.904,00	2.904,00	NO	NO	B00000080 - CORO GOSPEL PRODUCCIONES S.L. - ES	COMPLETADO 2020
Ayuntamiento de Alcalá de Henares	FCM 2019/136	Servicios	FRA. 0/19 - BELEN MONUMENTAL MONTAJE	0,00	1.850,00	388,50	13/04/2020	2.238,50	2.238,50	NO	NO	G00000081 - ASOCIACION BELENISTA - ES	COMPLETADO 2020
Ayuntamiento de Alcalá de Henares	FCM 2019/137	Otros	FRA. 0/19 - DERECHOS DE AUTOR GOSPEL	0,00	288,00	60,48	14/04/2020	348,48	348,48	NO	NO	G00000004 - SOCIEDAD GENERAL DE AUTORES Y EDITORES - ES	COMPLETADO 2020
Ayuntamiento de Alcalá de Henares	FCM 2019/138	Suministros	FRA. 0/19 - CALEFACTORES CARPA	0,00	460,00	96,60	14/04/2020	556,60	556,60	NO	NO	B00000034 - ALQUILERES PARA EVENTOS S.L. - ES	COMPLETADO 2020
Ayuntamiento de Alcalá de Henares	FCM 2019/139	Servicios	FRA. 0/19 - PISTA HIELO INSTALACION	0,00	8.900,00	1.869,00	15/04/2020	10.769,00	10.769,00	NO	NO	B00000082 - OCIO INVERNAL S.L. - ES	COMPLETADO 2020
Ayuntamiento de Alcalá de Henares	FCM 2019/140	Servicios	FRA. 0/19 - MONITORES PISTA HIELO	0,00	1.200,00	252,00	15/04/2020	1.452,00	1.452,00	NO	NO	B00000082 - OCIO INVERNAL S.L. - ES	COMPLETADO 2020
Ayuntamiento de Alcalá de Henares	FCM 2019/141	Otros	FRA. 0/19 - SEGURO PISTA HIELO	0,00	390,00	0,00	16/04/2020	390,00	390,00	NO	NO	A00000020 - SEGUROS GENERALES S.A. - ES	COMPLETADO 2020
Ayuntamiento de Alcalá de Henares	FCM 2019/142	Suministros	FRA. 0/19 - CONSUMO ELECTRICO GENERADOR	0,00	720,00	151,20	16/04/2020	871,20	871,20	NO	NO	B00000035 - ELECTRICIDAD ALCALA S.L. - ES	COMPLETADO 2020
Ayuntamiento de Alcalá de Henares	FCM 2019/143	Servicios	FRA. 0/19 - TEATRO FAMILIAR NAVIDAD	0,00	1.500,00	315,00	17/04/2020	1.815,00	1.815,00	NO	NO	B00000052 - TEATRO EDUCATIVO S.L. - ES	COMPLETADO 2020
Ayuntamiento de Alcalá de Henares	FCM 2019/144	Otros	FRA. 0/19 - DERECHOS DE AUTOR TEATRO FAMILIAR	0,00	180,00	37,80	17/04/2020	217,80	217,80	NO	NO	G00000004 - SOCIEDAD GENERAL DE AUTORES Y EDITORES - ES	COMPLETADO 2020
Ayuntamiento de Alcalá de Henares	FCM 2019/145	Servicios	FRA. 0/19 - CAMPANADAS FIN DE AÑO RETRANSMISION	0,00	2.100,00	441,00	20/04/2020	2.541,00	2.541,00	NO	NO	B00000011 - AUDIOVISUALES MADRID S.L. - ES	COMPLETADO 2020
Ayuntamiento de Alcalá de Henares	FCM 2019/146	Suministros	FRA. 0/19 - COTILLONES FIESTA FIN DE AÑO	0,00	340,00	71,40	20/04/2020	411,40	411,40	NO	NO	B00000058 - DECORACION FESTIVA S.L. - ES	COMPLETADO 2020
Ayuntamiento de Alcalá de Henares	FCM 2019/147	Servicios	FRA. 0/19 - DJ FIESTA FIN DE AÑO	0,00	900,00	189,00	21/04/2020	1.089,00	1.089,00	NO	NO	B00000072 - MUSICA JOVEN PRODUCCIONES S.L. - ES	COMPLETADO 2020
Ayuntamiento de Alcalá de Henares	FCM 2019/148	Otros	FRA. 0/19 - DERECHOS DE AUTOR FIN DE AÑO	0,00	240,00	50,40	21/04/2020	290,40	290,40	NO	NO	G00000004 - SOCIEDAD GENERAL DE AUTORES Y EDITORES - ES	COMPLETADO 2020
Ayuntamiento de Alcalá de Henares	FCM 2019/149	Servicios	FRA. 0/19 - SEGURIDAD FIESTA FIN DE AÑO	0,00	1.650,00	346,50	22/04/2020	1.996,50	1.996,50	NO	NO	A00000007 - SEGURIDAD INTEGRAL S.A. - ES	COMPLETADO 2020
Ayuntamiento de Alcalá de Henares	FCM 2019/150	Suministros	FRA. 0/19 - MATERIAL OFICINA SEGUNDO SEMESTRE	0,00	295,00	61,95	22/04/2020	356,95	356,95	NO	NO	B00000000 - DISTRIBUCIONES DEL HENARES S.L. - ES	COMPLETADO 2020
Ayuntamiento de Alcalá de Henares	FCM 2019/151	Servicios	FRA. 0/19 - ACTUACION ZARZUELA	0,00	4.100,00	861,00	23/04/2020	4.961,00	4.961,00	NO	NO	B00000062 - LIRICA PRODUCCIONES S.L. - ES	COMPLETADO 2020
Ayuntamiento de Alcalá de Henares	FCM 2019/152	Otros	FRA. 0/19 - DERECHOS DE AUTOR ZARZUELA	0,00	480,00	100,80	23/04/2020	580,80	580,80	NO	NO	G00000004 - SOCIEDAD GENERAL DE AUTORES Y EDITORES - ES	COMPLETADO 2020
Ayuntamiento de Alcalá de Henares	FCM 2019/153	Servicios	FRA. 0/19 - ENCUENTRO ESCRITORES JORNADAS	0,00	1.400,00	294,00	24/04/2020	1.694,00	1.694,00	NO	NO	B00000017 - GESTION CULTURAL LETRAS S.L. - ES	COMPLETADO 2020
Ayuntamiento de Alcalá de Henares	FCM 2019/154	Suministros	FRA. 0/19 - BOLSAS Y MATERIAL PROMOCIONAL	0,00	380,00	79,80	24/04/2020	459,80	459,80	NO	NO	B00000073 - TEXTIL PROMOCIONAL S.L. - ES	COMPLETADO 2020
Ayuntamiento de Alcalá de Henares	FCM 2019/155	Servicios	FRA. 0/19 - SEMANA CERVANTINA ANIMACION	0,00	5.600,00	1.176,00	27/04/2020	6.776,00	6.776,00	NO	NO	B00000045 - EVENTOS Y GALAS S.L. - ES	COMPLETADO 2020
Ayuntamiento de Alcalá de Henares	FCM 2019/156	Otros	FRA. 0/19 - DERECHOS DE AUTOR SEMANA CERVANTINA	0,00	620,00	130,20	27/04/2020	750,20	750,20	NO	NO	G00000004 - SOCIEDAD GENERAL DE AUTORES Y EDITORES - ES	COMPLETADO 2020
Ayuntamiento de Alcalá de Henares	FCM 2019/157	Servicios	FRA. 0/19 - MERCADO CERVANTINO GESTION	0,00	9.800,00	2.058,00	28/04/2020	11.858,00	11.858,00	NO	NO	B00000083 - MERCADOS MEDIEVALES S.L. - ES	COMPLETADO 2020
Ayuntamiento de Alcalá de Henares	FCM 2019/158	Suministros	FRA. 0/19 - BALAS DE PAJA Y DECORADO MEDIEVAL	0,00	430,00	43,00	28/04/2020	473,00	473,00	NO	NO	B00000058 - DECORACION FESTIVA S.L. - ES	COMPLETADO 2020
Ayuntamiento de Alcalá de Henares	FCM 2019/159	Servicios	FRA. 0/19 - CETRERIA EXHIBICION	0,00	750,00	157,50	29/04/2020	907,50	907,50	NO	NO	B00000084 - AVES RAPACES EXHIBICIONES S.L. - ES	COMPLETADO 2020
Ayuntamiento de Alcalá de Henares	FCM 2019/160	Otros	FRA. 0/19 - TASAS SANITARIAS MERCADO	0,00	120,00	0,00	29/04/2020	120,00	120,00	NO	NO	P00000074 - ADMINISTRACION PUBLICA - ES	COMPLETADO 2020
Ayuntamiento de Alcalá de Henares	FCM 2019/161	Servicios	FRA. 0/19 - JUGLARES Y MUSICA ANTIGUA	0,00	1.300,00	273,00	30/04/2020	1.573,00	1.573,00	NO	NO	G00000060 - ASOCIACION FOLK CASTELLANA - ES	COMPLETADO 2020
Ayuntamiento de Alcalá de Henares	FCM 2019/162	Suministros	FRA. 0/19 - ANTORCHAS Y ILUMINACION AMBIENTAL	0,00	310,00	65,10	30/04/2020	375,10	375,10	NO	NO	B00000005 - SONIDO E ILUMINACION DEL CENTRO S.L. - ES	COMPLETADO 2020
Ayuntamiento de Alcalá de Henares	FCM 2019/163	Servicios	FRA. 0/19 - TORNEO MEDIEVAL ESPECTACULO	0,00	3.800,00	798,00	04/05/2020	4.598,00	4.598,00	NO	NO	B00000085 - ESPECTACULOS ECUESTRES S.L. - ES	COMPLETADO 2020
Ayuntamiento de Alcalá de Henares	FCM 2019/164	Otros	FRA. 0/19 - DERECHOS DE AUTOR MERCADO	0,00	210,00	44,10	04/05/2020	254,10	254,10	NO	NO	G00000004 - SOCIEDAD GENERAL DE AUTORES Y EDITORES - ES	COMPLETADO 2020
Ayuntamiento de Alcalá de Henares	FCM 2019/165	Servicios	FRA. 0/19 - LECTURA CONTINUADA QUIJOTE	0,00	650,00	136,50	05/05/2020	786,50	786,50	NO	NO	B00000017 - GESTION CULTURAL LETRAS S.L. - ES	COMPLETADO 2020
Ayuntamiento de Alcalá de Henares	FCM 2019/166	Suministros	FRA. 0/19 - EJEMPLARES QUIJOTE EDICION ESPECIAL	0,00	1.150,00	46,00	05/05/2020	1.196,00	1.196,00	NO	NO	B00000003 - LIBRERIA CENTRAL S.L. - ES	COMPLETADO 2020
Ayuntamiento de Alcalá de Henares	FCM 2019/167	Servicios	FRA. 0/19 - PREMIO CERVANTES ACTO APOYO	0,00	2.300,00	483,00	06/05/2020	2.783,00	2.783,00	NO	NO	B00000045 - EVENTOS Y GALAS S.L. - ES	COMPLETADO 2020
Ayuntamiento de Alcalá de Henares	FCM 2019/168	Otros	FRA. 0/19 - PROTOCOLO Y ATENCIONES ACTO	0,00	560,00	56,00	06/05/2020	616,00	616,00	NO	NO	B00000027 - CATERING COMPLUTENSE S.L. - ES	COMPLETADO 2020
Ayuntamiento de Alcalá de Henares	FCM 2019/169	Servicios	FRA. 0/19 - EXPOSICION GRABADOS	0,00	1.700,00	357,00	07/05/2020	2.057,00	2.057,00	NO	NO	B00000066 - COMISARIOS DE ARTE S.L. - ES	COMPLETADO 2020
Ayuntamiento de Alcalá de Henares	FCM 2019/170	Suministros	FRA. 0/19 - VITRINAS EXPOSITIVAS	0,00	2.150,00	451,50	07/05/2020	2.601,50	2.601,50	NO	NO	B00000025 - MOBILIARIO PUBLICO S.L. - ES	COMPLETADO 2020
Ayuntamiento de Alcalá de Henares	FCM 2019/171	Servicios	FRA. 0/19 - CONCIERTO MUSICA BARROCA	0,00	2.700,00	567,00	08/05/2020	3.267,00	3.267,00	NO	NO	B00000067 - CONCIERTOS DE CAMARA S.L. - ES	COMPLETADO 2020
Ayuntamiento de Alcalá de Henares	FCM 2019/172	Otros	FRA. 0/19 - DERECHOS DE AUTOR MUSICA BARROCA	0,00	150,00	31,50	08/05/2020	181,50	181,50	NO	NO	G00000004 - SOCIEDAD GENERAL DE AUTORES Y EDITORES - ES	COMPLETADO 2020
DA. / EXA 2019 / 001	EXA 2019/001	Servicios	FRA. 0/19 - REVISION PRECIOS CONTRATO GESTION	0,00	12.400,00	2.604,00	11/05/2020	15.004,00	15.004,00	SI	SI	A00000086 - GESTION DE SERVICIOS CULTURALES S.A. - ES	COMPLETADO 2020
DA. / EXA 2019 / 002	EXA 2019/002	Servicios	FRA. 0/19 - LIQUIDACION CONTRATO MANTENIMIENTO	0,00	8.750,00	1.837,50	11/05/2020	10.587,50	10.587,50	SI	SI	B00000087 - MANTENIMIENTOS INTEGRALES S.L. - ES	COMPLETADO 2020
DA. / EXA 2019 / 003	EXA 2019/003	Suministros	FRA. 0/19 - COMPLEMENTO SUMINISTRO EQUIPAMIENTO	0,00	6.300,00	1.323,00	12/05/2020	7.623,00	7.623,00	SI	SI	B00000011 - AUDIOVISUALES MADRID S.L. - ES	COMPLETADO 2020
